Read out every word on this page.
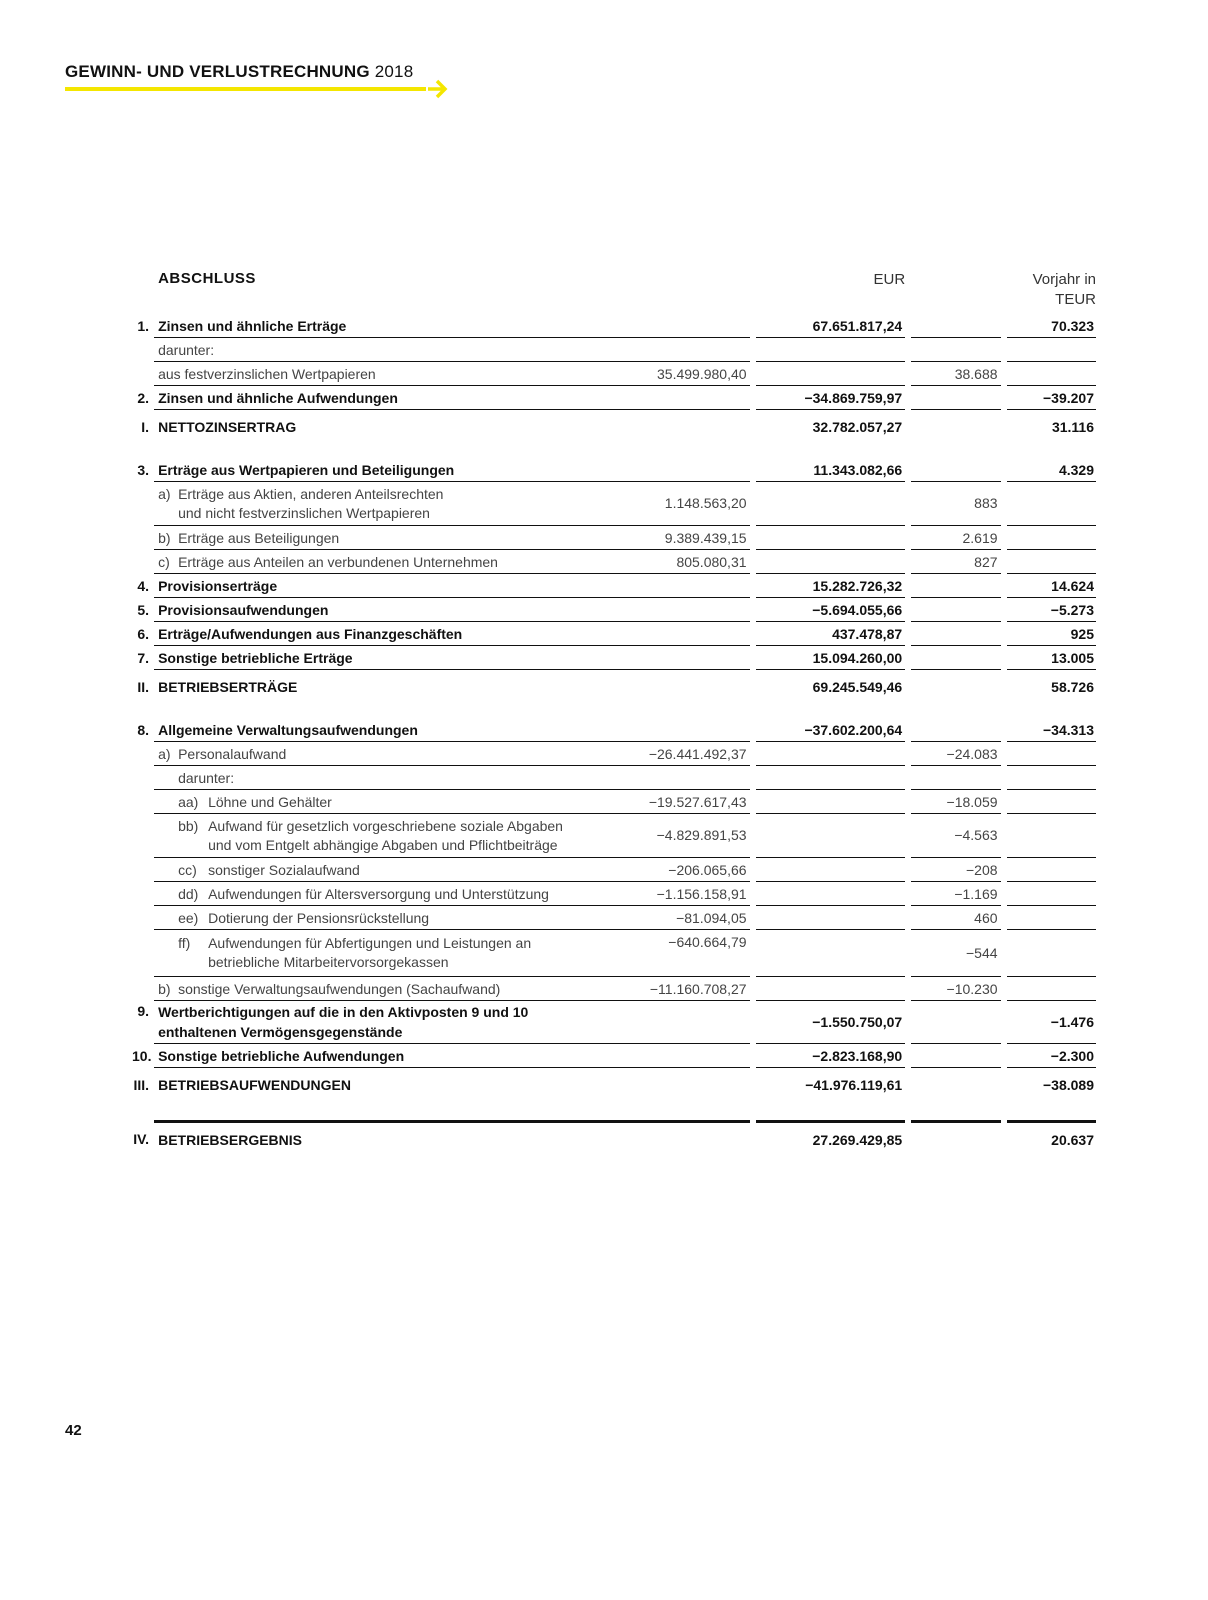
GEWINN- UND VERLUSTRECHNUNG 2018

	ABSCHLUSS			EUR				Vorjahr in
TEUR

1.	Zinsen und ähnliche Erträge			67.651.817,24				70.323
	darunter:							
	aus festverzinslichen Wertpapieren	35.499.980,40				38.688		
2.	Zinsen und ähnliche Aufwendungen			−34.869.759,97				−39.207
I.	NETTOZINSERTRAG			32.782.057,27				31.116

3.	Erträge aus Wertpapieren und Beteiligungen			11.343.082,66				4.329

	a) Erträge aus Aktien, anderen Anteilsrechten
und nicht festverzinslichen Wertpapieren	1.148.563,20				883		
	b) Erträge aus Beteiligungen	9.389.439,15				2.619		
	c) Erträge aus Anteilen an verbundenen Unternehmen	805.080,31				827		
4.	Provisionserträge			15.282.726,32				14.624
5.	Provisionsaufwendungen			−5.694.055,66				−5.273
6.	Erträge/Aufwendungen aus Finanzgeschäften			437.478,87				925
7.	Sonstige betriebliche Erträge			15.094.260,00				13.005
II.	BETRIEBSERTRÄGE			69.245.549,46				58.726

8.	Allgemeine Verwaltungsaufwendungen			−37.602.200,64				−34.313
	a) Personalaufwand	−26.441.492,37				−24.083		
	darunter:							
	aa) Löhne und Gehälter	−19.527.617,43				−18.059		

	bb) Aufwand für gesetzlich vorgeschriebene soziale Abgaben
und vom Entgelt abhängige Abgaben und Pflichtbeiträge	−4.829.891,53				−4.563		
	cc) sonstiger Sozialaufwand	−206.065,66				−208		
	dd) Aufwendungen für Altersversorgung und Unterstützung	−1.156.158,91				−1.169		
	ee) Dotierung der Pensionsrückstellung	−81.094,05				460		

	ff) Aufwendungen für Abfertigungen und Leistungen an
betriebliche Mitarbeitervorsorgekassen	−640.664,79				−544		
	b) sonstige Verwaltungsaufwendungen (Sachaufwand)	−11.160.708,27				−10.230		
9.	Wertberichtigungen auf die in den Aktivposten 9 und 10
enthaltenen Vermögensgegenstände			−1.550.750,07				−1.476
10.	Sonstige betriebliche Aufwendungen			−2.823.168,90				−2.300
III.	BETRIEBSAUFWENDUNGEN			−41.976.119,61				−38.089

IV.	BETRIEBSERGEBNIS			27.269.429,85				20.637
42
